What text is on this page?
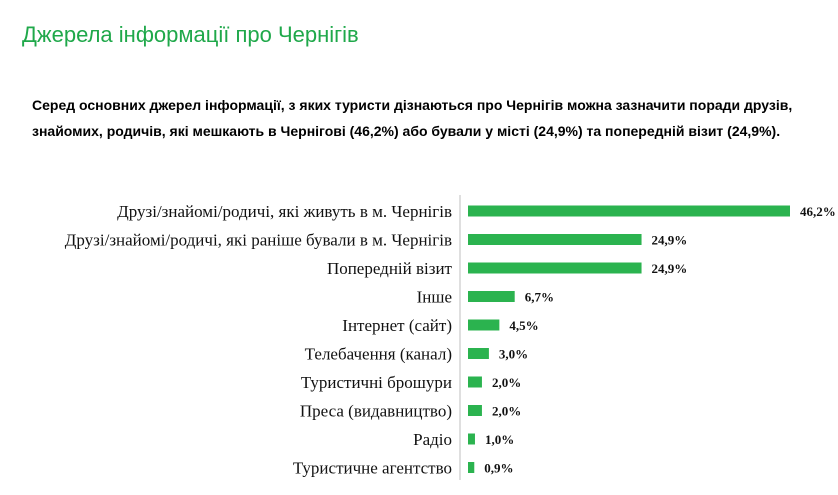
Джерела інформації про Чернігів

Серед основних джерел інформації, з яких туристи дізнаються про Чернігів можна зазначити поради друзів, знайомих, родичів, які мешкають в Чернігові (46,2%) або бували у місті (24,9%) та попередній візит (24,9%).

Друзі/знайомі/родичі, які живуть в м. Чернігів	46,2%
Друзі/знайомі/родичі, які раніше бували в м. Чернігів	24,9%
Попередній візит	24,9%
Інше	6,7%
Інтернет (сайт)	4,5%
Телебачення (канал)	3,0%
Туристичні брошури	2,0%
Преса (видавництво)	2,0%
Радіо	1,0%
Туристичне агентство 0,9%
